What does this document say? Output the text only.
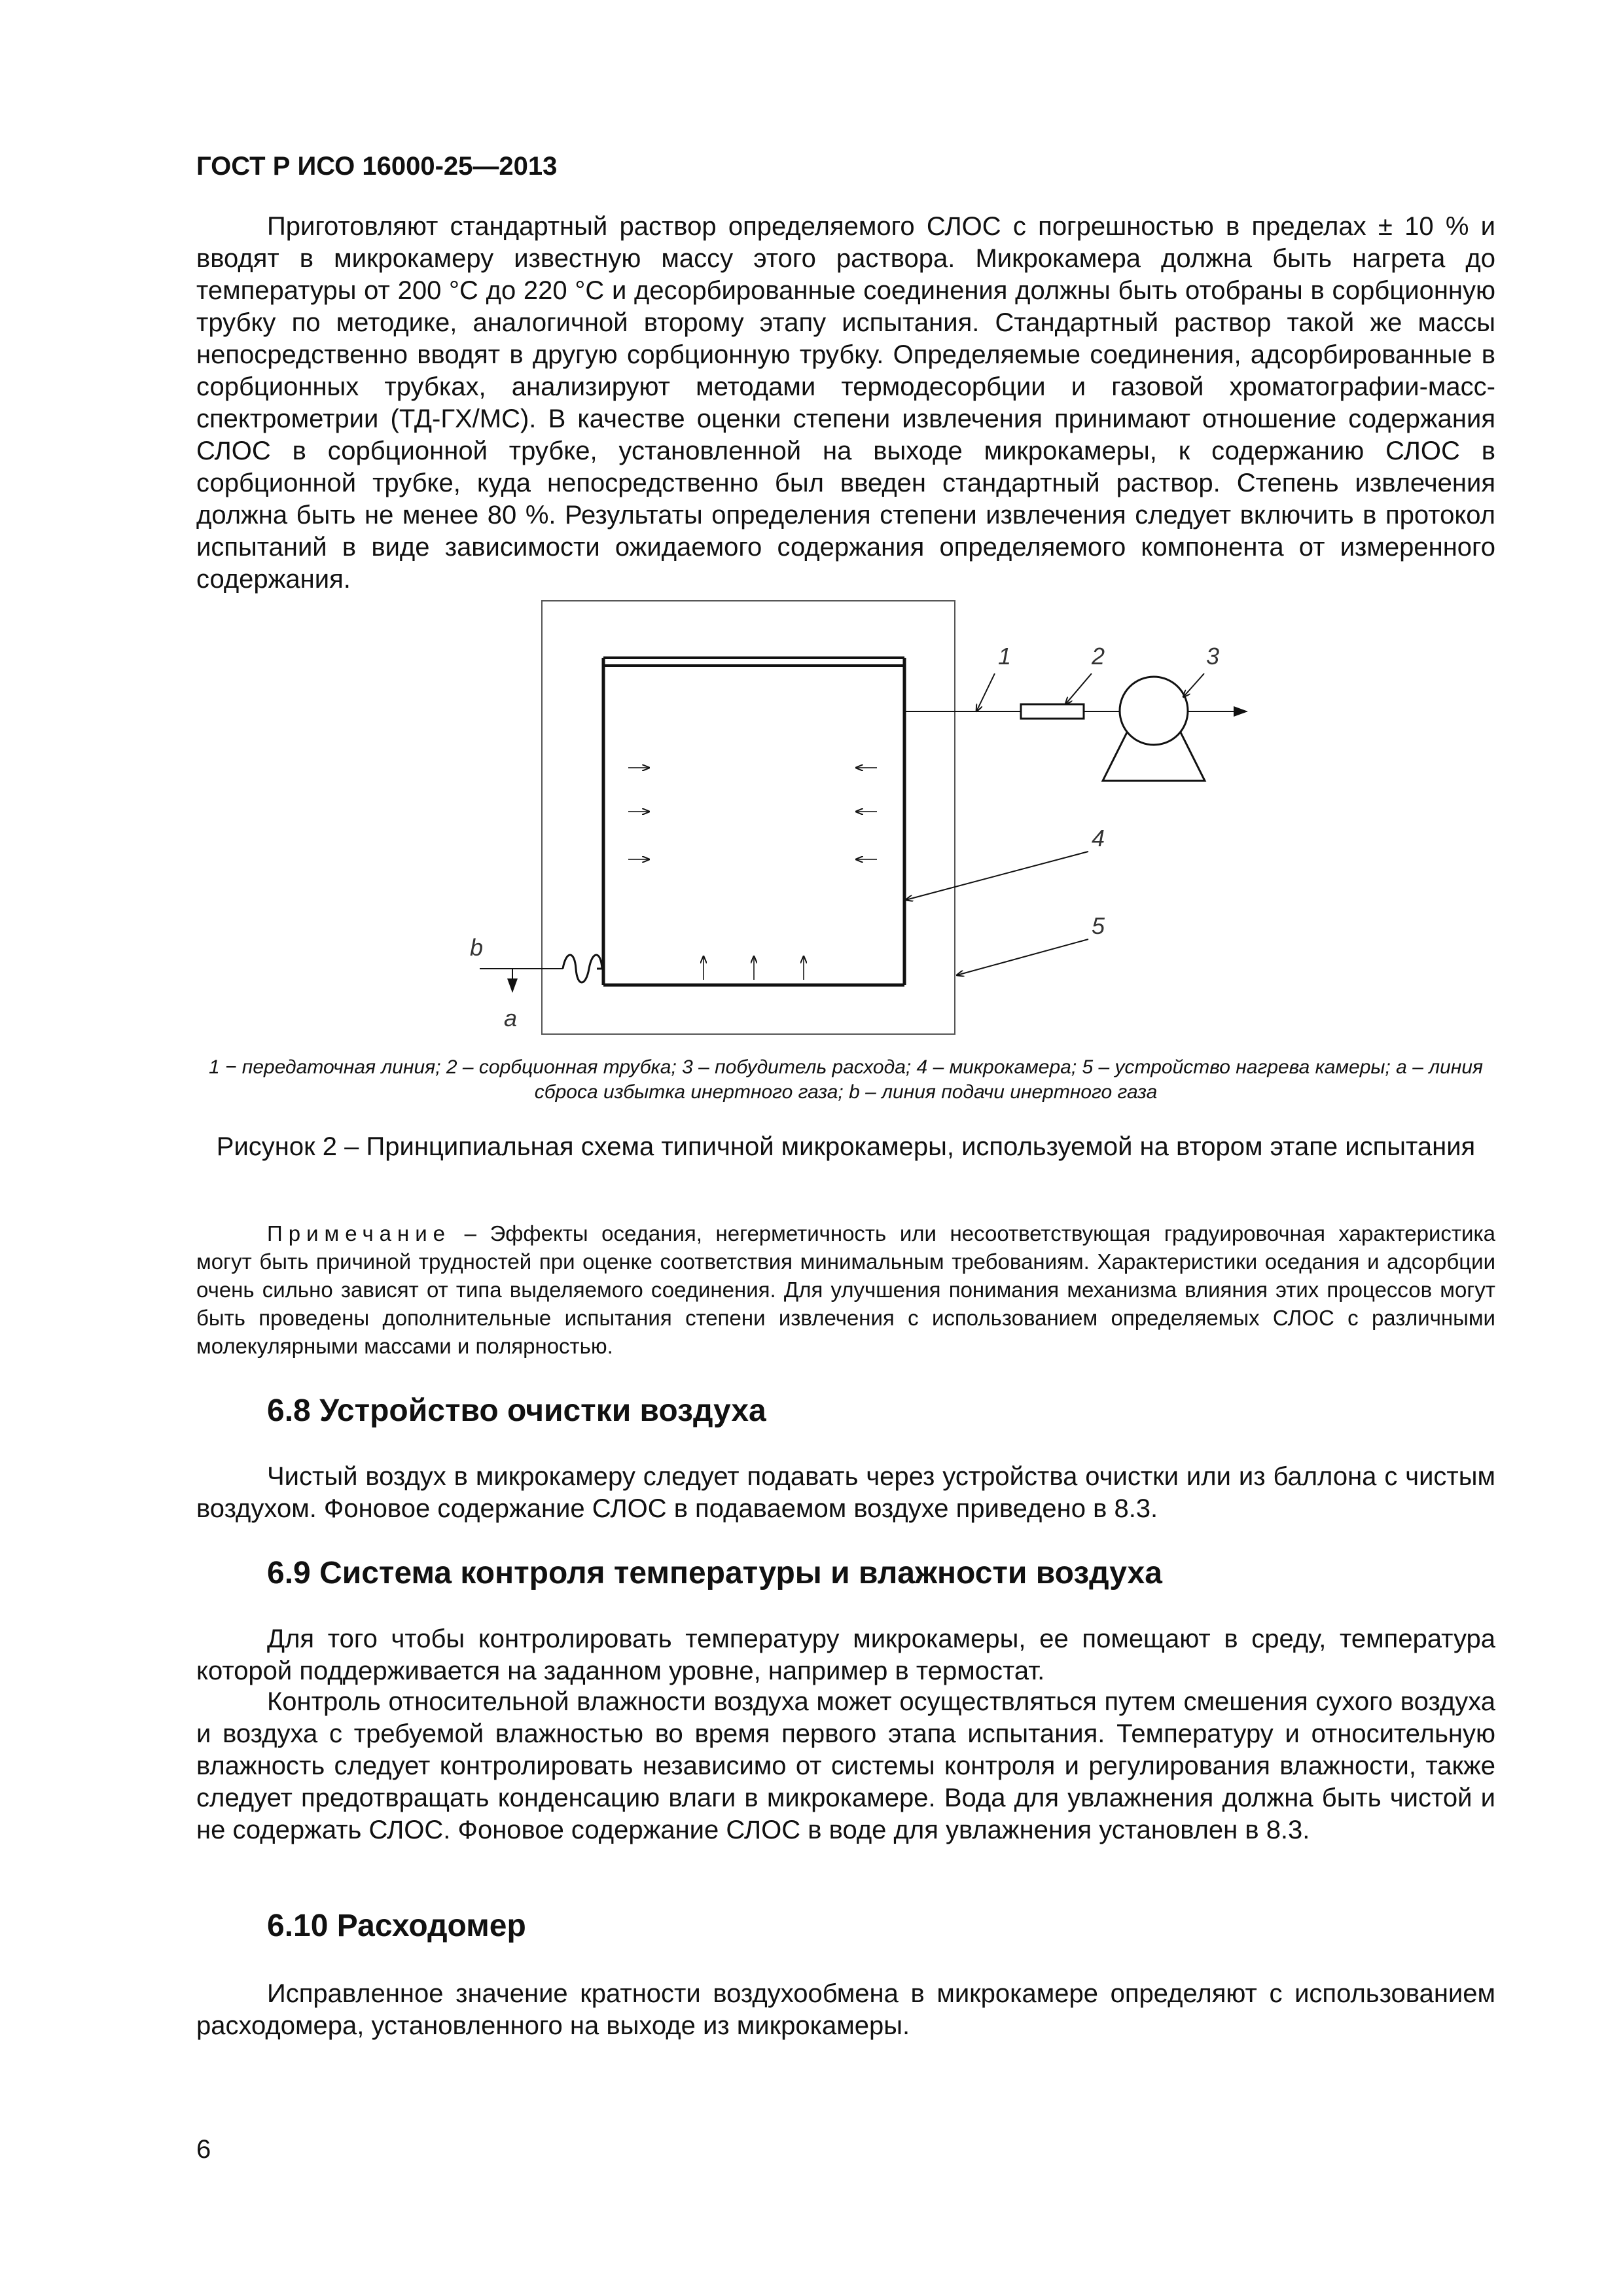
ГОСТ Р ИСО 16000-25—2013

Приготовляют стандартный раствор определяемого СЛОС с погрешностью в пределах ± 10 % и вводят в микрокамеру известную массу этого раствора. Микрокамера должна быть нагрета до температуры от 200 °С до 220 °С и десорбированные соединения должны быть отобраны в сорбционную трубку по методике, аналогичной второму этапу испытания. Стандартный раствор такой же массы непосредственно вводят в другую сорбционную трубку. Определяемые соединения, адсорбированные в сорбционных трубках, анализируют методами термодесорбции и газовой хроматографии-масс-спектрометрии (ТД-ГХ/МС). В качестве оценки степени извлечения принимают отношение содержания СЛОС в сорбционной трубке, установленной на выходе микрокамеры, к содержанию СЛОС в сорбционной трубке, куда непосредственно был введен стандартный раствор. Степень извлечения должна быть не менее 80 %. Результаты определения степени извлечения следует включить в протокол испытаний в виде зависимости ожидаемого содержания определяемого компонента от измеренного содержания.

1	2	3
4
5
b
a
1 − передаточная линия; 2 – сорбционная трубка; 3 – побудитель расхода; 4 – микрокамера; 5 – устройство нагрева камеры; a – линия сброса избытка инертного газа; b – линия подачи инертного газа
Рисунок 2 – Принципиальная схема типичной микрокамеры, используемой на втором этапе испытания

Примечание – Эффекты оседания, негерметичность или несоответствующая градуировочная характеристика могут быть причиной трудностей при оценке соответствия минимальным требованиям. Характеристики оседания и адсорбции очень сильно зависят от типа выделяемого соединения. Для улучшения понимания механизма влияния этих процессов могут быть проведены дополнительные испытания степени извлечения с использованием определяемых СЛОС с различными молекулярными массами и полярностью.

6.8 Устройство очистки воздуха

Чистый воздух в микрокамеру следует подавать через устройства очистки или из баллона с чистым воздухом. Фоновое содержание СЛОС в подаваемом воздухе приведено в 8.3.

6.9 Система контроля температуры и влажности воздуха

Для того чтобы контролировать температуру микрокамеры, ее помещают в среду, температура которой поддерживается на заданном уровне, например в термостат.

Контроль относительной влажности воздуха может осуществляться путем смешения сухого воздуха и воздуха с требуемой влажностью во время первого этапа испытания. Температуру и относительную влажность следует контролировать независимо от системы контроля и регулирования влажности, также следует предотвращать конденсацию влаги в микрокамере. Вода для увлажнения должна быть чистой и не содержать СЛОС. Фоновое содержание СЛОС в воде для увлажнения установлен в 8.3.

6.10 Расходомер

Исправленное значение кратности воздухообмена в микрокамере определяют с использованием расходомера, установленного на выходе из микрокамеры.

6
